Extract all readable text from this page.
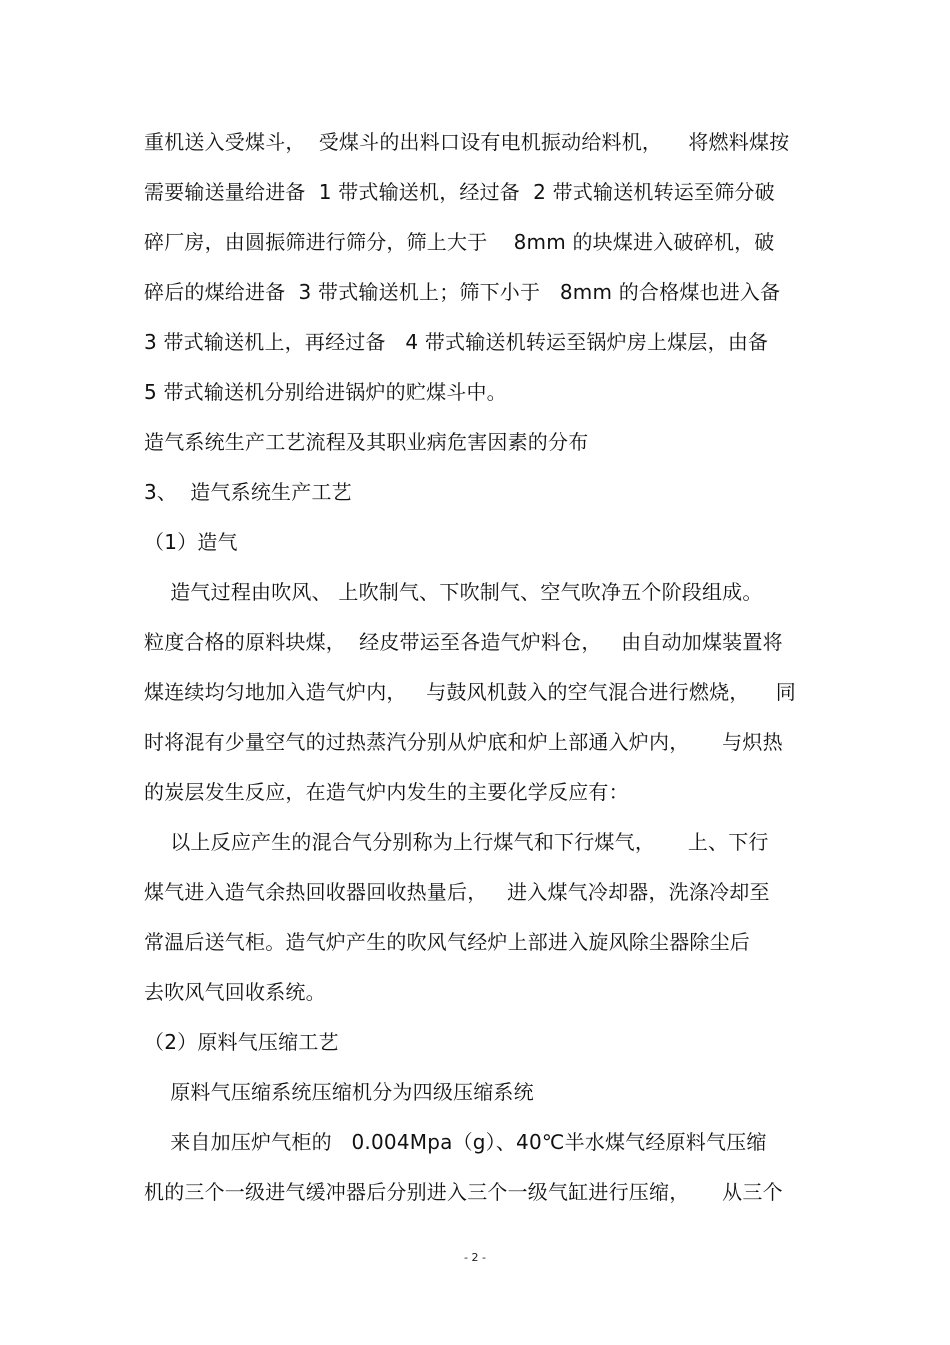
重机送入受煤斗，  受煤斗的出料口设有电机振动给料机，    将燃料煤按
需要输送量给进备  1 带式输送机，经过备  2 带式输送机转运至筛分破
碎厂房，由圆振筛进行筛分，筛上大于    8mm 的块煤进入破碎机，破
碎后的煤给进备  3 带式输送机上；筛下小于   8mm 的合格煤也进入备
3 带式输送机上，再经过备   4 带式输送机转运至锅炉房上煤层，由备
5 带式输送机分别给进锅炉的贮煤斗中。
造气系统生产工艺流程及其职业病危害因素的分布
3、  造气系统生产工艺
（1）造气
造气过程由吹风、 上吹制气、下吹制气、空气吹净五个阶段组成。
粒度合格的原料块煤，  经皮带运至各造气炉料仓，   由自动加煤装置将
煤连续均匀地加入造气炉内，   与鼓风机鼓入的空气混合进行燃烧，    同
时将混有少量空气的过热蒸汽分别从炉底和炉上部通入炉内，     与炽热
的炭层发生反应，在造气炉内发生的主要化学反应有：
以上反应产生的混合气分别称为上行煤气和下行煤气，     上、下行
煤气进入造气余热回收器回收热量后，   进入煤气冷却器，洗涤冷却至
常温后送气柜。造气炉产生的吹风气经炉上部进入旋风除尘器除尘后
去吹风气回收系统。
（2）原料气压缩工艺
原料气压缩系统压缩机分为四级压缩系统
来自加压炉气柜的   0.004Mpa（g）、40℃半水煤气经原料气压缩
机的三个一级进气缓冲器后分别进入三个一级气缸进行压缩，     从三个
- 2 -
